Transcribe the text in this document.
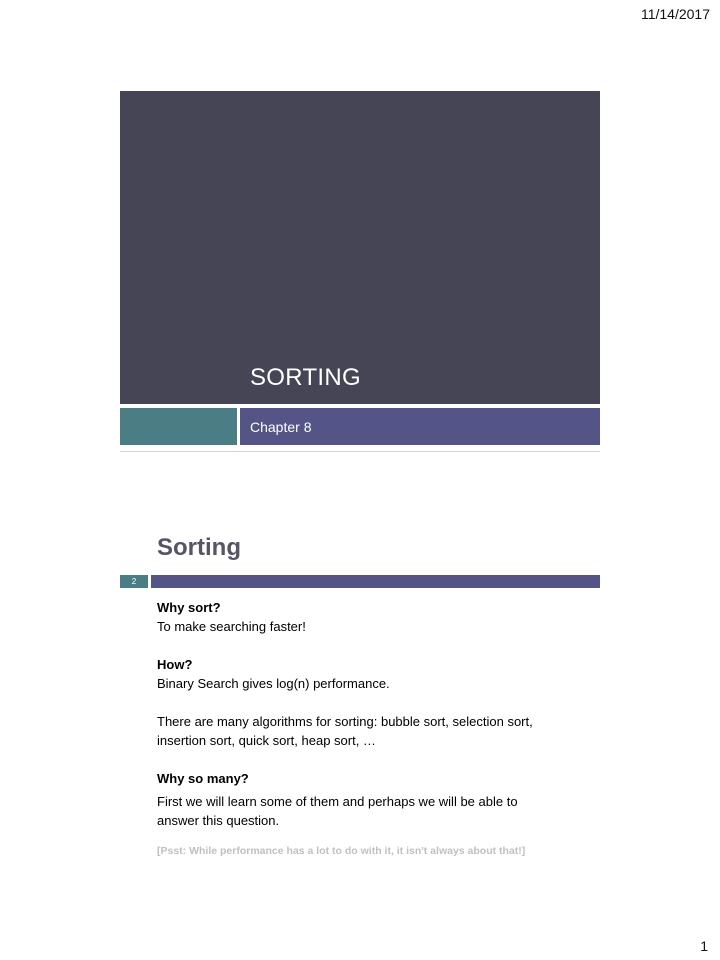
11/14/2017
SORTING
Chapter 8
Sorting
2

Why sort?

To make searching faster!

How?

Binary Search gives log(n) performance.

There are many algorithms for sorting: bubble sort, selection sort,

insertion sort, quick sort, heap sort, …

Why so many?

First we will learn some of them and perhaps we will be able to

answer this question.

[Psst: While performance has a lot to do with it, it isn't always about that!]

1
